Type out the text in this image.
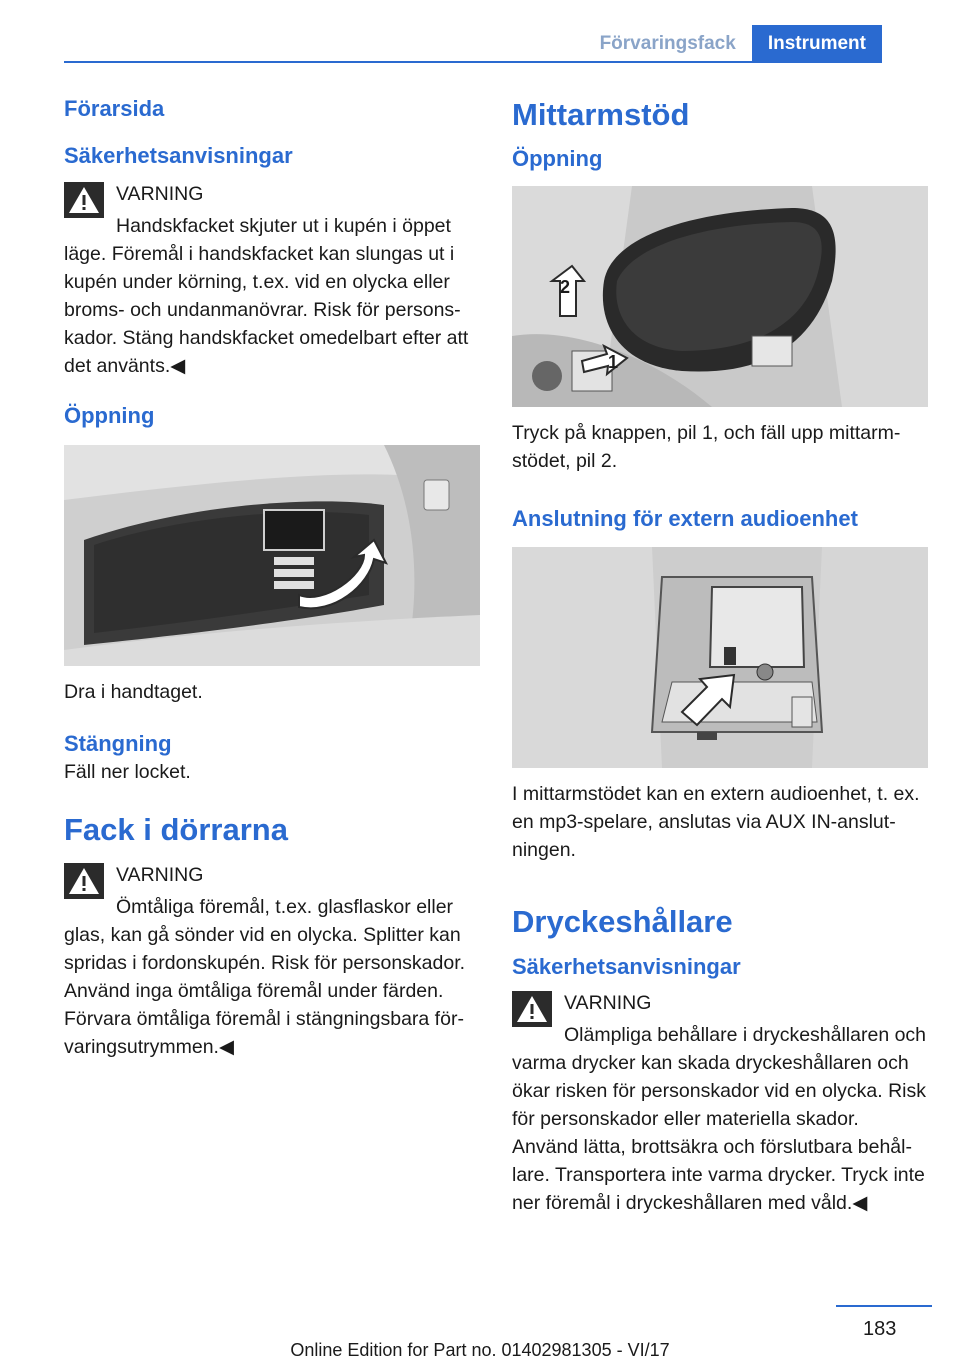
Förvaringsfack	Instrument
Förarsida
Säkerhetsanvisningar
VARNING

Handskfacket skjuter ut i kupén i öppet läge. Föremål i handskfacket kan slungas ut i kupén under körning, t.ex. vid en olycka eller broms- och undanmanövrar. Risk för personskador. Stäng handskfacket omedelbart efter att det använts.◀

Öppning

Dra i handtaget.

Stängning

Fäll ner locket.

Fack i dörrarna
VARNING

Ömtåliga föremål, t.ex. glasflaskor eller glas, kan gå sönder vid en olycka. Splitter kan spridas i fordonskupén. Risk för personskador. Använd inga ömtåliga föremål under färden. Förvara ömtåliga föremål i stängningsbara förvaringsutrymmen.◀

Mittarmstöd
Öppning
2
1

Tryck på knappen, pil 1, och fäll upp mittarmstödet, pil 2.

Anslutning för extern audioenhet

I mittarmstödet kan en extern audioenhet, t. ex. en mp3-spelare, anslutas via AUX IN-anslutningen.

Dryckeshållare
Säkerhetsanvisningar
VARNING

Olämpliga behållare i dryckeshållaren och varma drycker kan skada dryckeshållaren och ökar risken för personskador vid en olycka. Risk för personskador eller materiella skador. Använd lätta, brottsäkra och förslutbara behållare. Transportera inte varma drycker. Tryck inte ner föremål i dryckeshållaren med våld.◀

183
Online Edition for Part no. 01402981305 - VI/17
